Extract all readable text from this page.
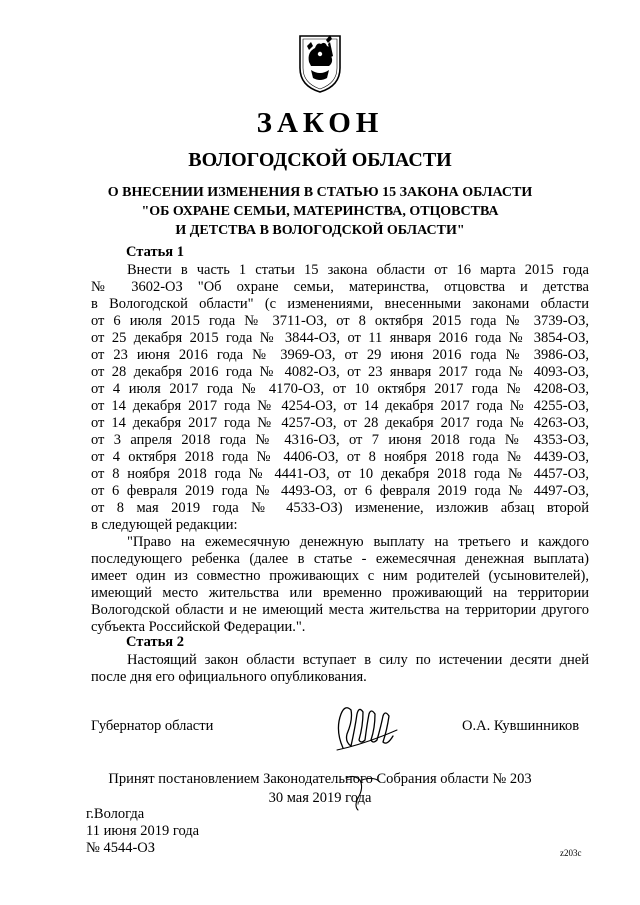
ЗАКОН
ВОЛОГОДСКОЙ ОБЛАСТИ
О ВНЕСЕНИИ ИЗМЕНЕНИЯ В СТАТЬЮ 15 ЗАКОНА ОБЛАСТИ
"ОБ ОХРАНЕ СЕМЬИ, МАТЕРИНСТВА, ОТЦОВСТВА
И ДЕТСТВА В ВОЛОГОДСКОЙ ОБЛАСТИ"
Статья 1
Внести в часть 1 статьи 15 закона области от 16 марта 2015 года
№ 3602-ОЗ "Об охране семьи, материнства, отцовства и детства
в Вологодской области" (с изменениями, внесенными законами области
от 6 июля 2015 года № 3711-ОЗ, от 8 октября 2015 года № 3739-ОЗ,
от 25 декабря 2015 года № 3844-ОЗ, от 11 января 2016 года № 3854-ОЗ,
от 23 июня 2016 года № 3969-ОЗ, от 29 июня 2016 года № 3986-ОЗ,
от 28 декабря 2016 года № 4082-ОЗ, от 23 января 2017 года № 4093-ОЗ,
от 4 июля 2017 года № 4170-ОЗ, от 10 октября 2017 года № 4208-ОЗ,
от 14 декабря 2017 года № 4254-ОЗ, от 14 декабря 2017 года № 4255-ОЗ,
от 14 декабря 2017 года № 4257-ОЗ, от 28 декабря 2017 года № 4263-ОЗ,
от 3 апреля 2018 года № 4316-ОЗ, от 7 июня 2018 года № 4353-ОЗ,
от 4 октября 2018 года № 4406-ОЗ, от 8 ноября 2018 года № 4439-ОЗ,
от 8 ноября 2018 года № 4441-ОЗ, от 10 декабря 2018 года № 4457-ОЗ,
от 6 февраля 2019 года № 4493-ОЗ, от 6 февраля 2019 года № 4497-ОЗ,
от 8 мая 2019 года № 4533-ОЗ) изменение, изложив абзац второй
в следующей редакции:
"Право на ежемесячную денежную выплату на третьего и каждого
последующего ребенка (далее в статье - ежемесячная денежная выплата)
имеет один из совместно проживающих с ним родителей (усыновителей),
имеющий место жительства или временно проживающий на территории
Вологодской области и не имеющий места жительства на территории другого
субъекта Российской Федерации.".
Статья 2
Настоящий закон области вступает в силу по истечении десяти дней
после дня его официального опубликования.
Губернатор области	О.А. Кувшинников
Принят постановлением Законодательного Собрания области № 203
30 мая 2019 года
г.Вологда
11 июня 2019 года
№ 4544-ОЗ	z203с
